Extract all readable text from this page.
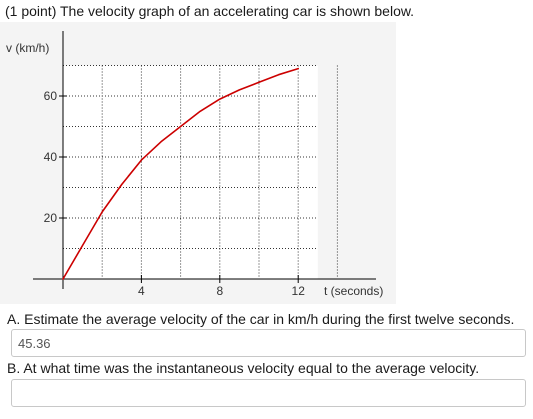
(1 point) The velocity graph of an accelerating car is shown below.
20
40
60
4	8	12
v (km/h)
t (seconds)
A. Estimate the average velocity of the car in km/h during the first twelve seconds.
45.36
B. At what time was the instantaneous velocity equal to the average velocity.
